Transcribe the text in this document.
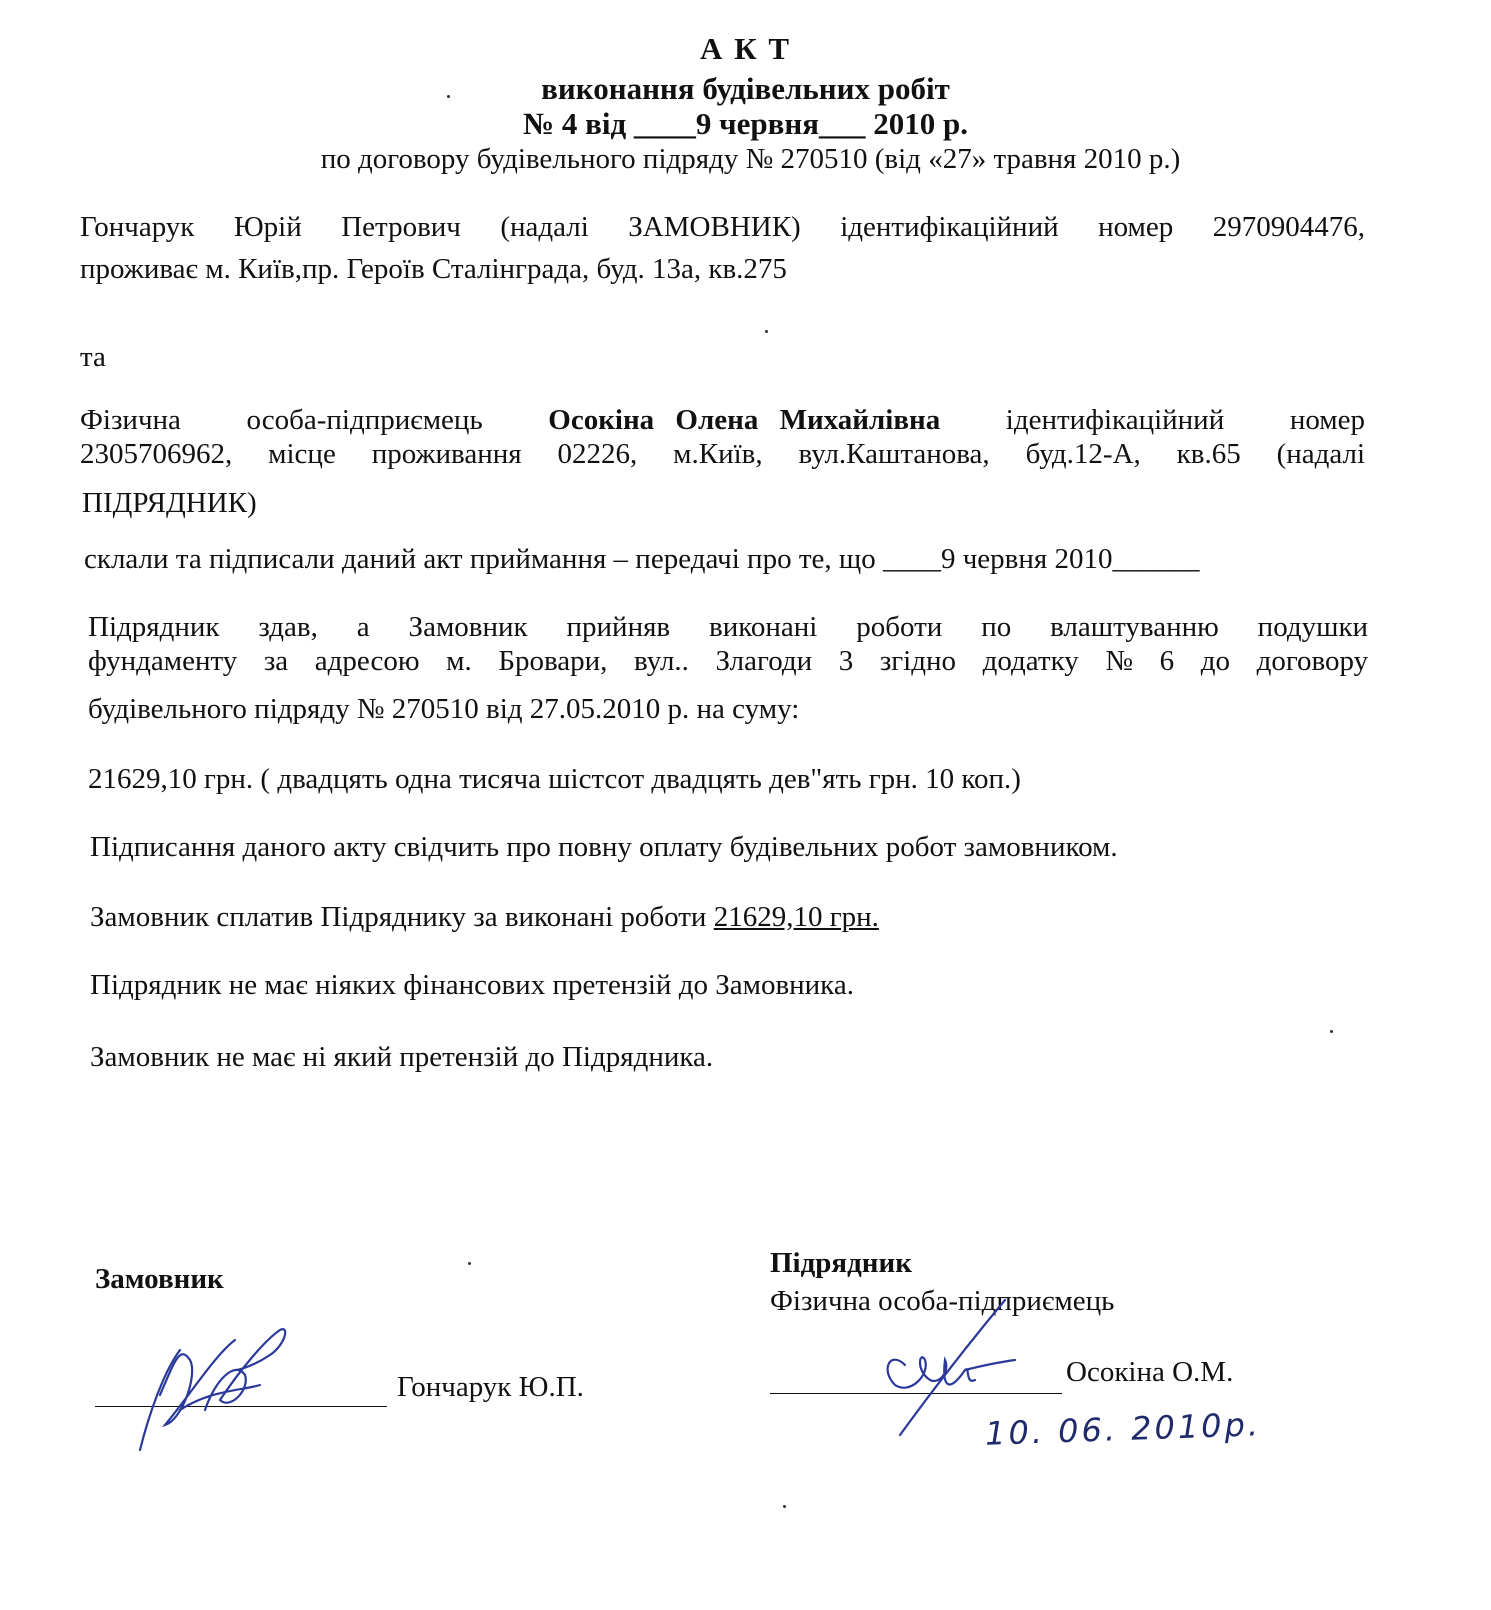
А К Т
виконання будівельних робіт
№ 4 від ____9 червня___ 2010 р.
по договору будівельного підряду № 270510 (від «27» травня 2010 р.)
Гончарук Юрій Петрович (надалі ЗАМОВНИК) ідентифікаційний номер 2970904476,
проживає м. Київ,пр. Героїв Сталінграда, буд. 13а, кв.275
та
Фізична особа-підприємець Осокіна Олена Михайлівна ідентифікаційний номер
2305706962, місце проживання 02226, м.Київ, вул.Каштанова, буд.12-А, кв.65 (надалі
ПІДРЯДНИК)
склали та підписали даний акт приймання – передачі про те, що ____9 червня 2010______
Підрядник здав, а Замовник прийняв виконані роботи по влаштуванню подушки
фундаменту за адресою м. Бровари, вул.. Злагоди 3 згідно додатку № 6 до договору
будівельного підряду № 270510 від 27.05.2010 р. на суму:
21629,10 грн. ( двадцять одна тисяча шістсот двадцять дев"ять грн. 10 коп.)
Підписання даного акту свідчить про повну оплату будівельних робот замовником.
Замовник сплатив Підряднику за виконані роботи 21629,10 грн.
Підрядник не має ніяких фінансових претензій до Замовника.
Замовник не має ні який претензій до Підрядника.
Замовник
Гончарук Ю.П.
Підрядник
Фізична особа-підприємець
Осокіна О.М.
10. 06. 2010р.
